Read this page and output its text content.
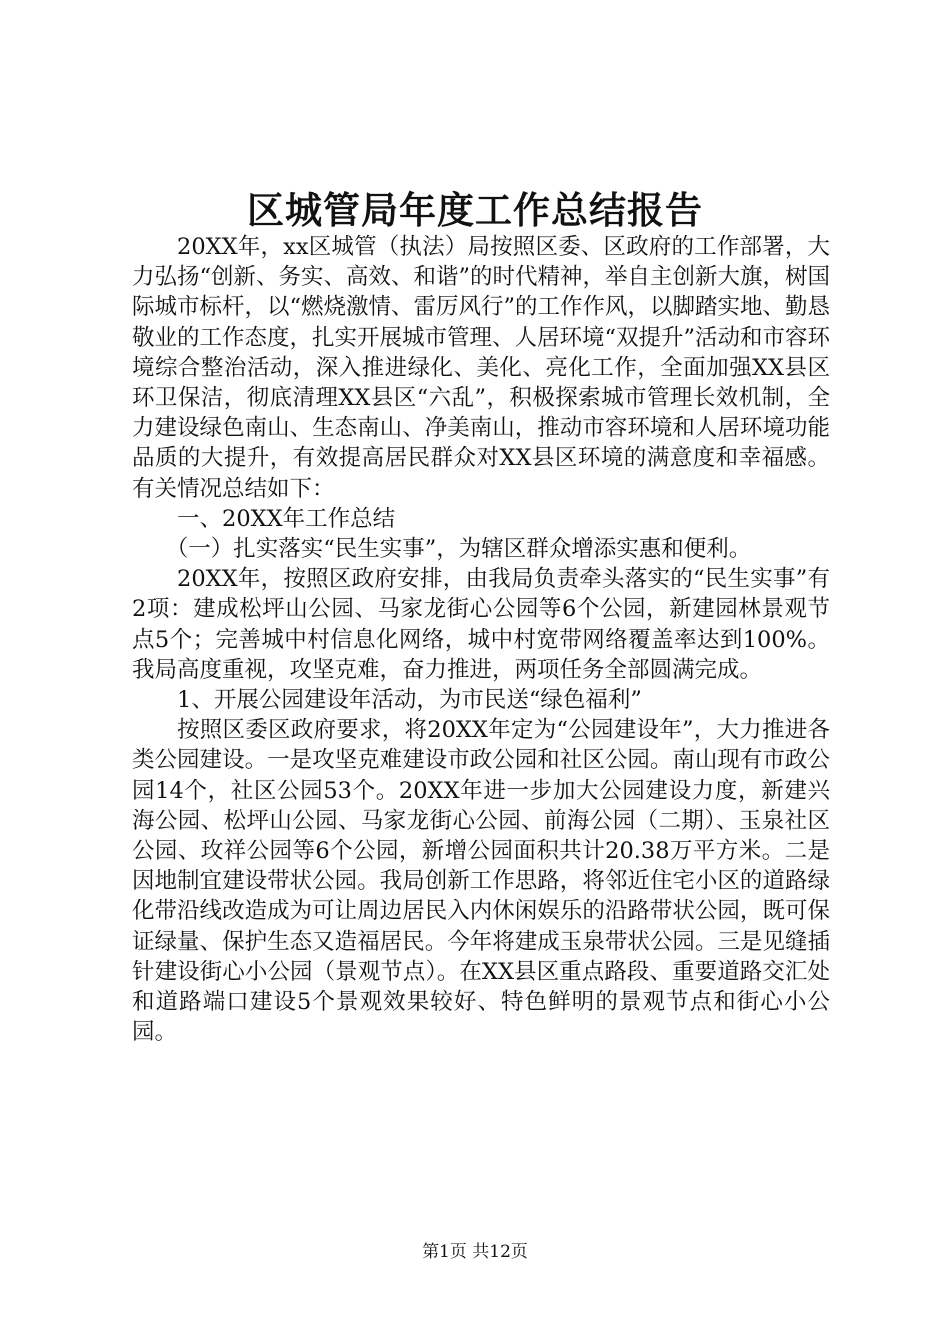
区城管局年度工作总结报告

20XX年，xx区城管（执法）局按照区委、区政府的工作部署，大力弘扬“创新、务实、高效、和谐”的时代精神，举自主创新大旗，树国际城市标杆，以“燃烧激情、雷厉风行”的工作作风，以脚踏实地、勤恳敬业的工作态度，扎实开展城市管理、人居环境“双提升”活动和市容环境综合整治活动，深入推进绿化、美化、亮化工作，全面加强XX县区环卫保洁，彻底清理XX县区“六乱”，积极探索城市管理长效机制，全力建设绿色南山、生态南山、净美南山，推动市容环境和人居环境功能品质的大提升，有效提高居民群众对XX县区环境的满意度和幸福感。有关情况总结如下：

一、20XX年工作总结

（一）扎实落实“民生实事”，为辖区群众增添实惠和便利。

20XX年，按照区政府安排，由我局负责牵头落实的“民生实事”有2项：建成松坪山公园、马家龙街心公园等6个公园，新建园林景观节点5个；完善城中村信息化网络，城中村宽带网络覆盖率达到100%。我局高度重视，攻坚克难，奋力推进，两项任务全部圆满完成。

1、开展公园建设年活动，为市民送“绿色福利”

按照区委区政府要求，将20XX年定为“公园建设年”，大力推进各类公园建设。一是攻坚克难建设市政公园和社区公园。南山现有市政公园14个，社区公园53个。20XX年进一步加大公园建设力度，新建兴海公园、松坪山公园、马家龙街心公园、前海公园（二期）、玉泉社区公园、玫祥公园等6个公园，新增公园面积共计20.38万平方米。二是因地制宜建设带状公园。我局创新工作思路，将邻近住宅小区的道路绿化带沿线改造成为可让周边居民入内休闲娱乐的沿路带状公园，既可保证绿量、保护生态又造福居民。今年将建成玉泉带状公园。三是见缝插针建设街心小公园（景观节点）。在XX县区重点路段、重要道路交汇处和道路端口建设5个景观效果较好、特色鲜明的景观节点和街心小公园。

第1页 共12页
